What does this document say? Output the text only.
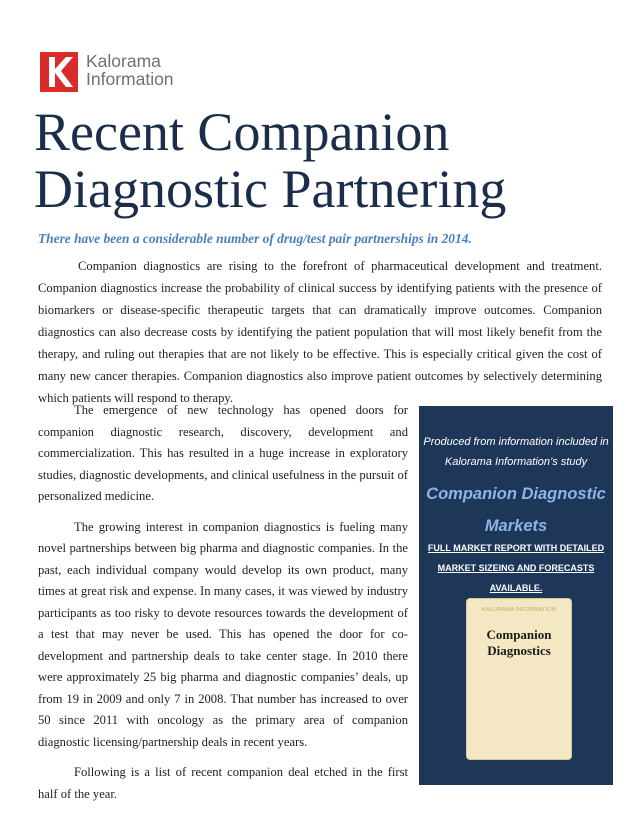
Kalorama
Information
Recent Companion
Diagnostic Partnering
There have been a considerable number of drug/test pair partnerships in 2014.

Companion diagnostics are rising to the forefront of pharmaceutical development and treatment. Companion diagnostics increase the probability of clinical success by identifying patients with the presence of biomarkers or disease-specific therapeutic targets that can dramatically improve outcomes. Companion diagnostics can also decrease costs by identifying the patient population that will most likely benefit from the therapy, and ruling out therapies that are not likely to be effective. This is especially critical given the cost of many new cancer therapies. Companion diagnostics also improve patient outcomes by selectively determining which patients will respond to therapy.

The emergence of new technology has opened doors for companion diagnostic research, discovery, development and commercialization. This has resulted in a huge increase in exploratory studies, diagnostic developments, and clinical usefulness in the pursuit of personalized medicine.

The growing interest in companion diagnostics is fueling many novel partnerships between big pharma and diagnostic companies. In the past, each individual company would develop its own product, many times at great risk and expense. In many cases, it was viewed by industry participants as too risky to devote resources towards the development of a test that may never be used. This has opened the door for co-development and partnership deals to take center stage. In 2010 there were approximately 25 big pharma and diagnostic companies’ deals, up from 19 in 2009 and only 7 in 2008. That number has increased to over 50 since 2011 with oncology as the primary area of companion diagnostic licensing/partnership deals in recent years.

Following is a list of recent companion deal etched in the first half of the year.

Produced from information included in Kalorama Information’s study
Companion Diagnostic Markets
FULL MARKET REPORT WITH DETAILED MARKET SIZEING AND FORECASTS AVAILABLE.
KALORAMA INFORMATION
Companion Diagnostics
